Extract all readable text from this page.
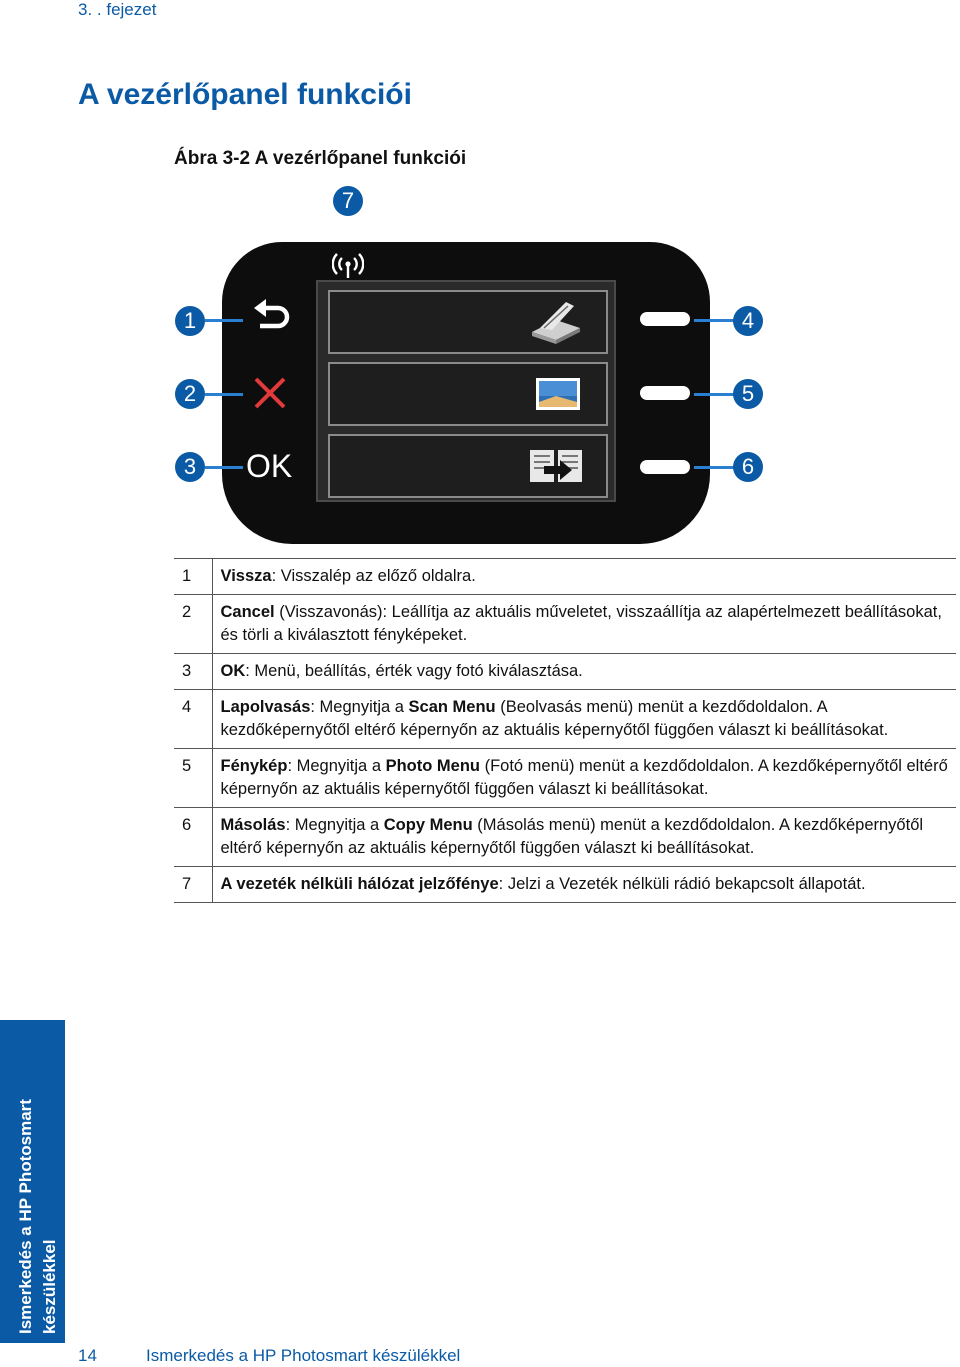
3. . fejezet
A vezérlőpanel funkciói
Ábra 3-2 A vezérlőpanel funkciói
7
1
2
3 OK
4
5
6
1	Vissza: Visszalép az előző oldalra.
2	Cancel (Visszavonás): Leállítja az aktuális műveletet, visszaállítja az alapértelmezett beállításokat, és törli a kiválasztott fényképeket.
3	OK: Menü, beállítás, érték vagy fotó kiválasztása.
4	Lapolvasás: Megnyitja a Scan Menu (Beolvasás menü) menüt a kezdődoldalon. A kezdőképernyőtől eltérő képernyőn az aktuális képernyőtől függően választ ki beállításokat.
5	Fénykép: Megnyitja a Photo Menu (Fotó menü) menüt a kezdődoldalon. A kezdőképernyőtől eltérő képernyőn az aktuális képernyőtől függően választ ki beállításokat.
6	Másolás: Megnyitja a Copy Menu (Másolás menü) menüt a kezdődoldalon. A kezdőképernyőtől eltérő képernyőn az aktuális képernyőtől függően választ ki beállításokat.
7	A vezeték nélküli hálózat jelzőfénye: Jelzi a Vezeték nélküli rádió bekapcsolt állapotát.
Ismerkedés a HP Photosmart készülékkel
14	Ismerkedés a HP Photosmart készülékkel
